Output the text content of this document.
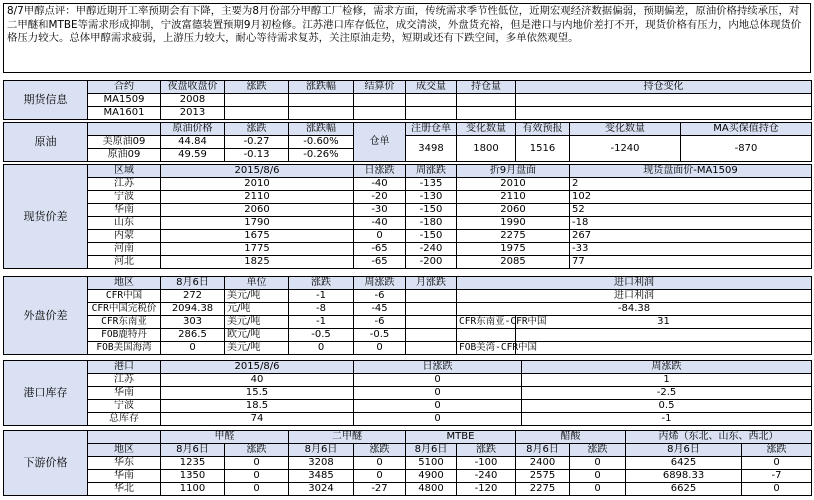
8/7甲醇点评：甲醇近期开工率预期会有下降，主要为8月份部分甲醇工厂检修，需求方面，传统需求季节性低位，近期宏观经济数据偏弱，预期偏差，原油价格持续承压，对二甲醚和MTBE等需求形成抑制，宁波富德装置预期9月初检修。江苏港口库存低位，成交清淡，外盘货充裕，但是港口与内地价差打不开，现货价格有压力，内地总体现货价格压力较大。总体甲醇需求疲弱，上游压力较大，耐心等待需求复苏，关注原油走势，短期或还有下跌空间，多单依然观望。
期货信息	合约	夜盘收盘价	涨跌	涨跌幅	结算价	成交量	持仓量	持仓变化
	MA1509	2008						
	MA1601	2013						
原油		原油价格	涨跌	涨跌幅	仓单	注册仓单	变化数量	有效预报	变化数量	MA买保值持仓	
	美原油09	44.84	-0.27	-0.60%		3498	1800	1516	-1240	-870	
	原油09	49.59	-0.13	-0.26%							
现货价差	区域	2015/8/6	日涨跌	周涨跌	折9月盘面	现货盘面价-MA1509	
	江苏	2010	-40	-135	2010	2	
	宁波	2110	-20	-130	2110	102	
	华南	2060	-30	-150	2060	52	
	山东	1790	-40	-180	1990	-18	
	内蒙	1675	0	-150	2275	267	
	河南	1775	-65	-240	1975	-33	
	河北	1825	-65	-200	2085	77	
外盘价差	地区	8月6日	单位	涨跌	周涨跌	月涨跌	进口利润	
	CFR中国	272	美元/吨	-1	-6		进口利润	
	CFR中国完税价	2094.38	元/吨	-8	-45		-84.38	
	CFR东南亚	303	美元/吨	-1	-6		CFR东南亚-CFR中国	31
	FOB鹿特丹	286.5	欧元/吨	-0.5	-0.5			
	FOB美国海湾	0	美元/吨	0	0		FOB美湾-CFR中国	
港口库存	港口	2015/8/6	日涨跌	周涨跌
	江苏	40	0	1
	华南	15.5	0	-2.5
	宁波	18.5	0	0.5
	总库存	74	0	-1
下游价格		甲醛		二甲醚		MTBE		醋酸		丙烯（东北、山东、西北）	
	地区	8月6日	涨跌	8月6日	涨跌	8月6日	涨跌	8月6日	涨跌	8月6日	涨跌
	华东	1235	0	3208	0	5100	-100	2400	0	6425	0
	华南	1350	0	3485	0	4900	-240	2575	0	6898.33	-7
	华北	1100	0	3024	-27	4800	-120	2275	0	6625	0
